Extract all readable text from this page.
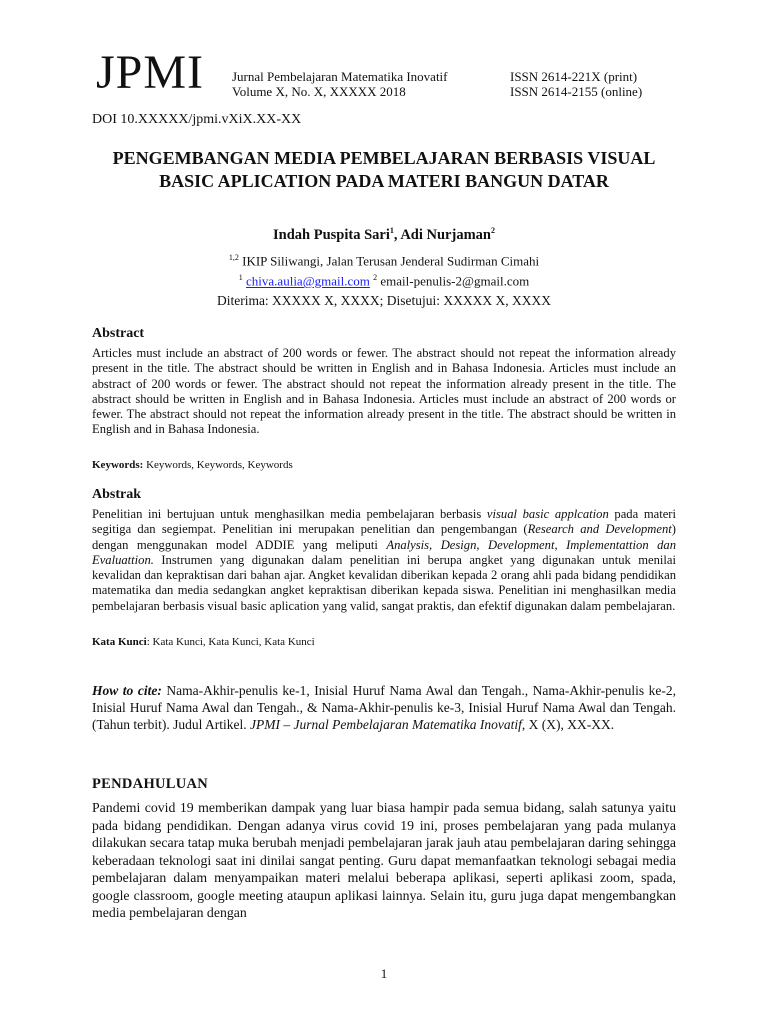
JPMI Jurnal Pembelajaran Matematika Inovatif
Volume X, No. X, XXXXX 2018
ISSN 2614-221X (print)
ISSN 2614-2155 (online)
DOI 10.XXXXX/jpmi.vXiX.XX-XX
PENGEMBANGAN MEDIA PEMBELAJARAN BERBASIS VISUAL BASIC APLICATION PADA MATERI BANGUN DATAR
Indah Puspita Sari$^1$, Adi Nurjaman$^2$
$^{1,2}$ IKIP Siliwangi, Jalan Terusan Jenderal Sudirman Cimahi
$^1$ chiva.aulia@gmail.com $^2$ email-penulis-2@gmail.com
Diterima: XXXXX X, XXXX; Disetujui: XXXXX X, XXXX
Abstract
Articles must include an abstract of 200 words or fewer. The abstract should not repeat the information already present in the title. The abstract should be written in English and in Bahasa Indonesia. Articles must include an abstract of 200 words or fewer. The abstract should not repeat the information already present in the title. The abstract should be written in English and in Bahasa Indonesia. Articles must include an abstract of 200 words or fewer. The abstract should not repeat the information already present in the title. The abstract should be written in English and in Bahasa Indonesia.
Keywords: Keywords, Keywords, Keywords
Abstrak
Penelitian ini bertujuan untuk menghasilkan media pembelajaran berbasis visual basic applcation pada materi segitiga dan segiempat. Penelitian ini merupakan penelitian dan pengembangan (Research and Development) dengan menggunakan model ADDIE yang meliputi Analysis, Design, Development, Implementattion dan Evaluattion. Instrumen yang digunakan dalam penelitian ini berupa angket yang digunakan untuk menilai kevalidan dan kepraktisan dari bahan ajar. Angket kevalidan diberikan kepada 2 orang ahli pada bidang pendidikan matematika dan media sedangkan angket kepraktisan diberikan kepada siswa. Penelitian ini menghasilkan media pembelajaran berbasis visual basic aplication yang valid, sangat praktis, dan efektif digunakan dalam pembelajaran.
Kata Kunci: Kata Kunci, Kata Kunci, Kata Kunci
How to cite: Nama-Akhir-penulis ke-1, Inisial Huruf Nama Awal dan Tengah., Nama-Akhir-penulis ke-2, Inisial Huruf Nama Awal dan Tengah., & Nama-Akhir-penulis ke-3, Inisial Huruf Nama Awal dan Tengah. (Tahun terbit). Judul Artikel. JPMI – Jurnal Pembelajaran Matematika Inovatif, X (X), XX-XX.
PENDAHULUAN
Pandemi covid 19 memberikan dampak yang luar biasa hampir pada semua bidang, salah satunya yaitu pada bidang pendidikan. Dengan adanya virus covid 19 ini, proses pembelajaran yang pada mulanya dilakukan secara tatap muka berubah menjadi pembelajaran jarak jauh atau pembelajaran daring sehingga keberadaan teknologi saat ini dinilai sangat penting. Guru dapat memanfaatkan teknologi sebagai media pembelajaran dalam menyampaikan materi melalui beberapa aplikasi, seperti aplikasi zoom, spada, google classroom, google meeting ataupun aplikasi lainnya. Selain itu, guru juga dapat mengembangkan media pembelajaran dengan
1
